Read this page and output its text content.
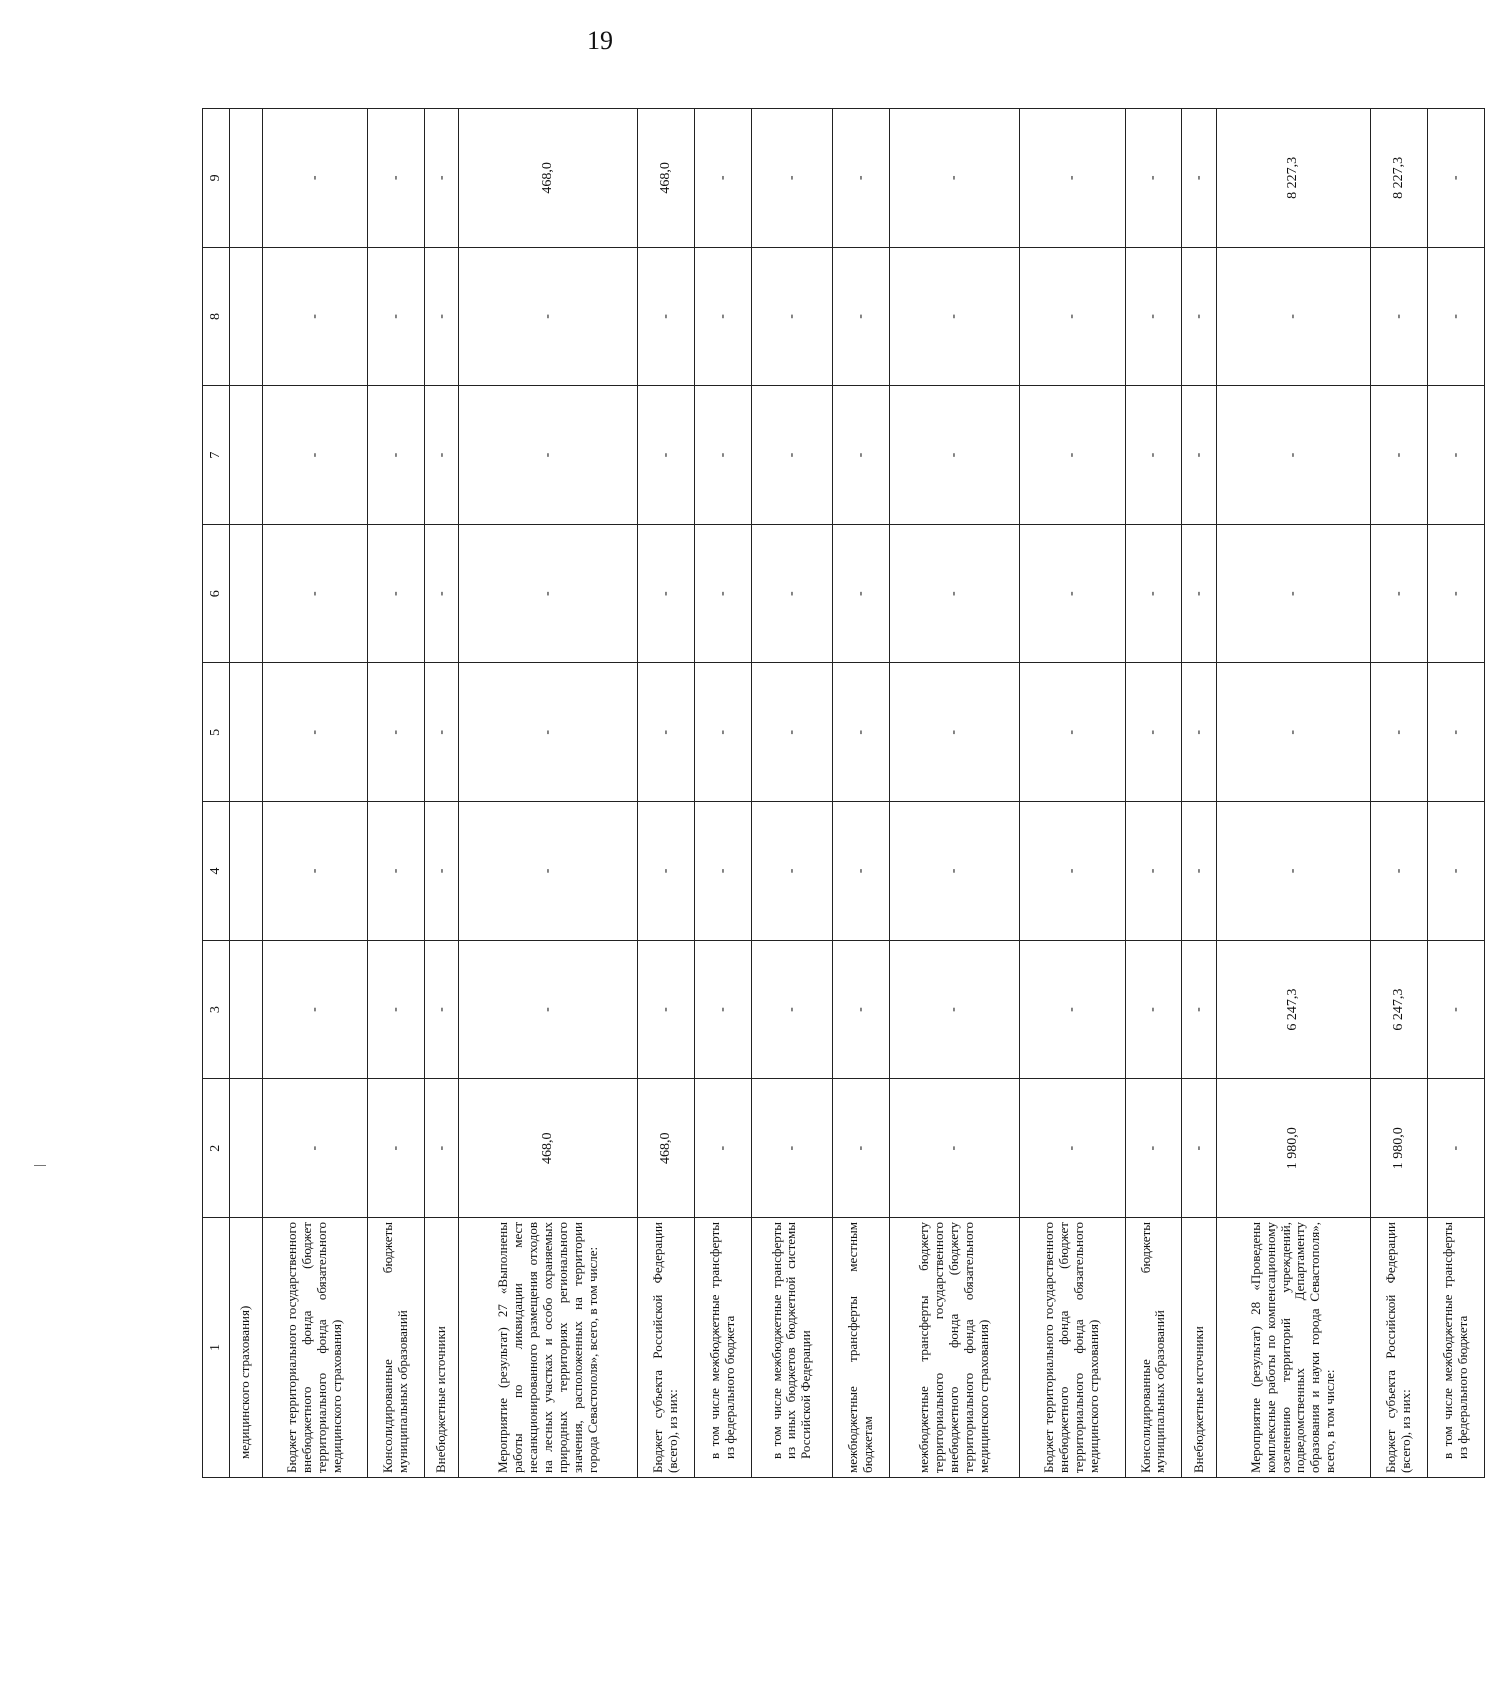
19
1	2	3	4	5	6	7	8	9
медицинского страхования)								
Бюджет территориального государственного внебюджетного фонда (бюджет территориального фонда обязательного медицинского страхования)	-	-	-	-	-	-	-	-
Консолидированные бюджеты муниципальных образований	-	-	-	-	-	-	-	-
Внебюджетные источники	-	-	-	-	-	-	-	-
Мероприятие (результат) 27 «Выполнены работы по ликвидации мест несанкционированного размещения отходов на лесных участках и особо охраняемых природных территориях регионального значения, расположенных на территории города Севастополя», всего, в том числе:	468,0	-	-	-	-	-	-	468,0
Бюджет субъекта Российской Федерации (всего), из них:	468,0	-	-	-	-	-	-	468,0
в том числе межбюджетные трансферты из федерального бюджета	-	-	-	-	-	-	-	-
в том числе межбюджетные трансферты из иных бюджетов бюджетной системы Российской Федерации	-	-	-	-	-	-	-	-
межбюджетные трансферты местным бюджетам	-	-	-	-	-	-	-	-
межбюджетные трансферты бюджету территориального государственного внебюджетного фонда (бюджету территориального фонда обязательного медицинского страхования)	-	-	-	-	-	-	-	-
Бюджет территориального государственного внебюджетного фонда (бюджет территориального фонда обязательного медицинского страхования)	-	-	-	-	-	-	-	-
Консолидированные бюджеты муниципальных образований	-	-	-	-	-	-	-	-
Внебюджетные источники	-	-	-	-	-	-	-	-
Мероприятие (результат) 28 «Проведены комплексные работы по компенсационному озеленению территорий учреждений, подведомственных Департаменту образования и науки города Севастополя», всего, в том числе:	1 980,0	6 247,3	-	-	-	-	-	8 227,3
Бюджет субъекта Российской Федерации (всего), из них:	1 980,0	6 247,3	-	-	-	-	-	8 227,3
в том числе межбюджетные трансферты из федерального бюджета	-	-	-	-	-	-	-	-
